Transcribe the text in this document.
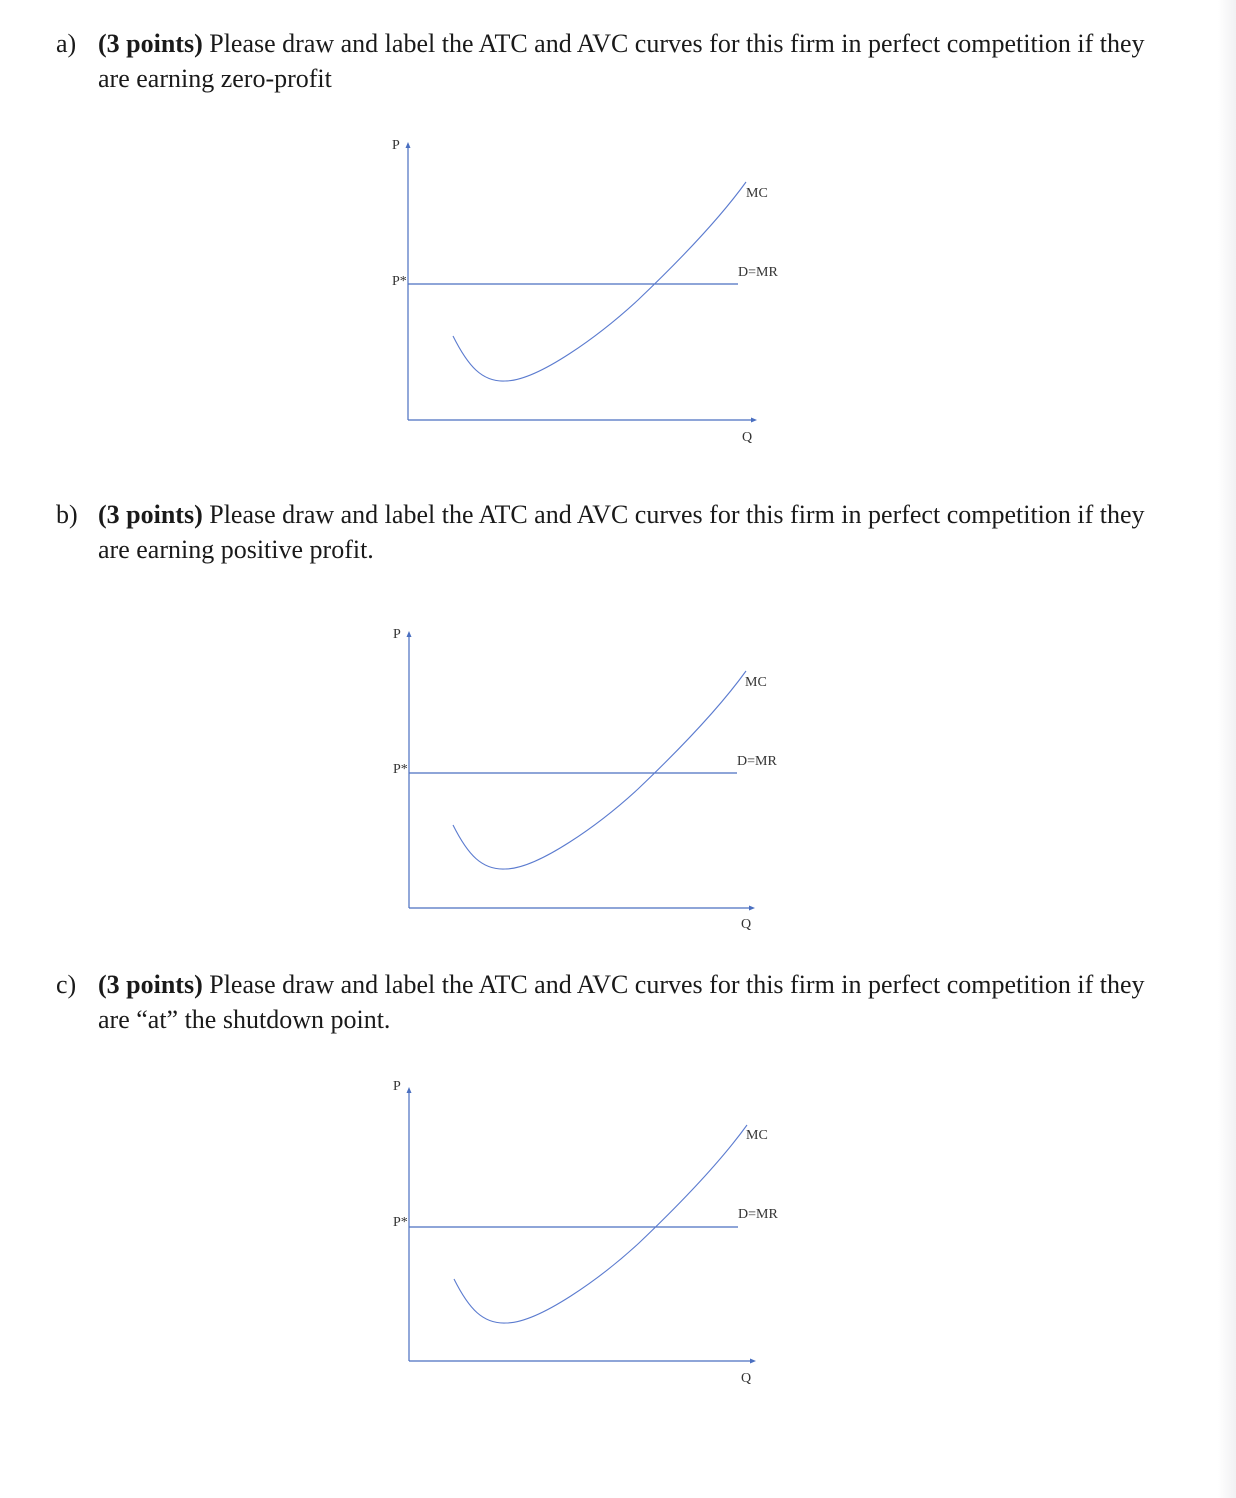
a) (3 points) Please draw and label the ATC and AVC curves for this firm in perfect competition if they are earning zero-profit
P
P*
MC
D=MR
Q
b) (3 points) Please draw and label the ATC and AVC curves for this firm in perfect competition if they are earning positive profit.
P
P*
MC
D=MR
Q
c) (3 points) Please draw and label the ATC and AVC curves for this firm in perfect competition if they are “at” the shutdown point.
P
P*
MC
D=MR
Q
